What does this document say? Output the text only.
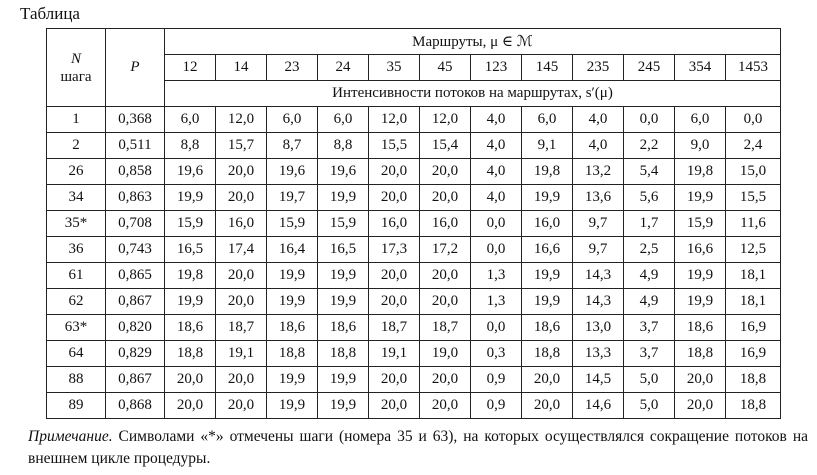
Таблица
N
шага	P	Маршруты, μ ∈ ℳ											
		12	14	23	24	35	45	123	145	235	245	354	1453
		Интенсивности потоков на маршрутах, s′(μ)											
1	0,368	6,0	12,0	6,0	6,0	12,0	12,0	4,0	6,0	4,0	0,0	6,0	0,0
2	0,511	8,8	15,7	8,7	8,8	15,5	15,4	4,0	9,1	4,0	2,2	9,0	2,4
26	0,858	19,6	20,0	19,6	19,6	20,0	20,0	4,0	19,8	13,2	5,4	19,8	15,0
34	0,863	19,9	20,0	19,7	19,9	20,0	20,0	4,0	19,9	13,6	5,6	19,9	15,5
35*	0,708	15,9	16,0	15,9	15,9	16,0	16,0	0,0	16,0	9,7	1,7	15,9	11,6
36	0,743	16,5	17,4	16,4	16,5	17,3	17,2	0,0	16,6	9,7	2,5	16,6	12,5
61	0,865	19,8	20,0	19,9	19,9	20,0	20,0	1,3	19,9	14,3	4,9	19,9	18,1
62	0,867	19,9	20,0	19,9	19,9	20,0	20,0	1,3	19,9	14,3	4,9	19,9	18,1
63*	0,820	18,6	18,7	18,6	18,6	18,7	18,7	0,0	18,6	13,0	3,7	18,6	16,9
64	0,829	18,8	19,1	18,8	18,8	19,1	19,0	0,3	18,8	13,3	3,7	18,8	16,9
88	0,867	20,0	20,0	19,9	19,9	20,0	20,0	0,9	20,0	14,5	5,0	20,0	18,8
89	0,868	20,0	20,0	19,9	19,9	20,0	20,0	0,9	20,0	14,6	5,0	20,0	18,8
Примечание. Символами «*» отмечены шаги (номера 35 и 63), на которых осуществлялся сокращение потоков на внешнем цикле процедуры.
